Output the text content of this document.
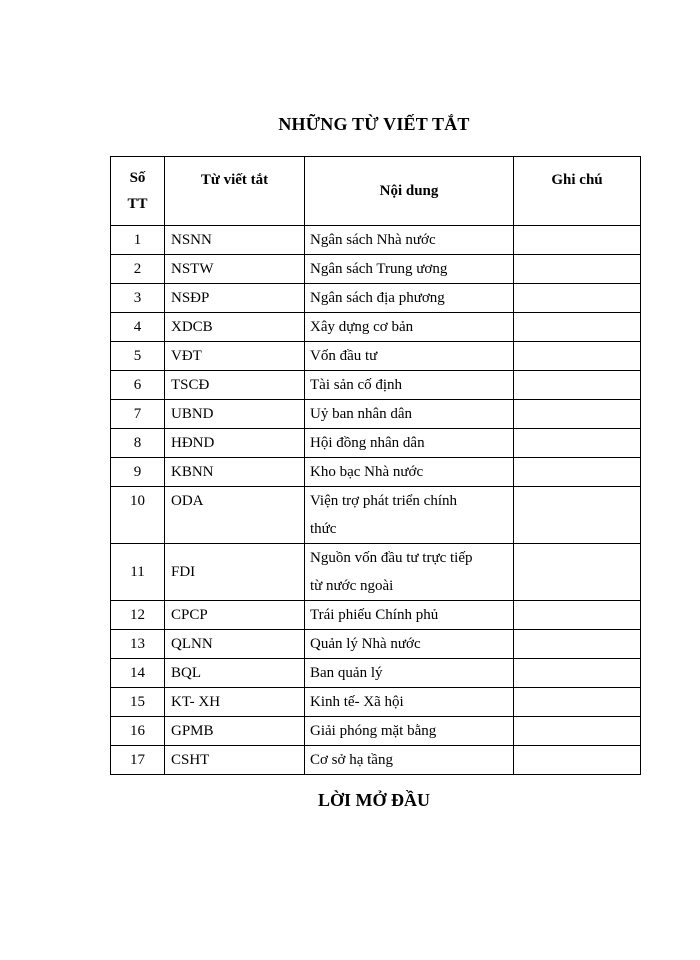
NHỮNG TỪ VIẾT TẮT
Số
TT	Từ viết tắt	Nội dung	Ghi chú
1	NSNN	Ngân sách Nhà nước	
2	NSTW	Ngân sách Trung ương	
3	NSĐP	Ngân sách địa phương	
4	XDCB	Xây dựng cơ bản	
5	VĐT	Vốn đầu tư	
6	TSCĐ	Tài sản cố định	
7	UBND	Uỷ ban nhân dân	
8	HĐND	Hội đồng nhân dân	
9	KBNN	Kho bạc Nhà nước	
10	ODA	Viện trợ phát triển chính
thức	
11	FDI	Nguồn vốn đầu tư trực tiếp
từ nước ngoài	
12	CPCP	Trái phiếu Chính phủ	
13	QLNN	Quản lý Nhà nước	
14	BQL	Ban quản lý	
15	KT- XH	Kinh tế- Xã hội	
16	GPMB	Giải phóng mặt bằng	
17	CSHT	Cơ sở hạ tầng	
LỜI MỞ ĐẦU
